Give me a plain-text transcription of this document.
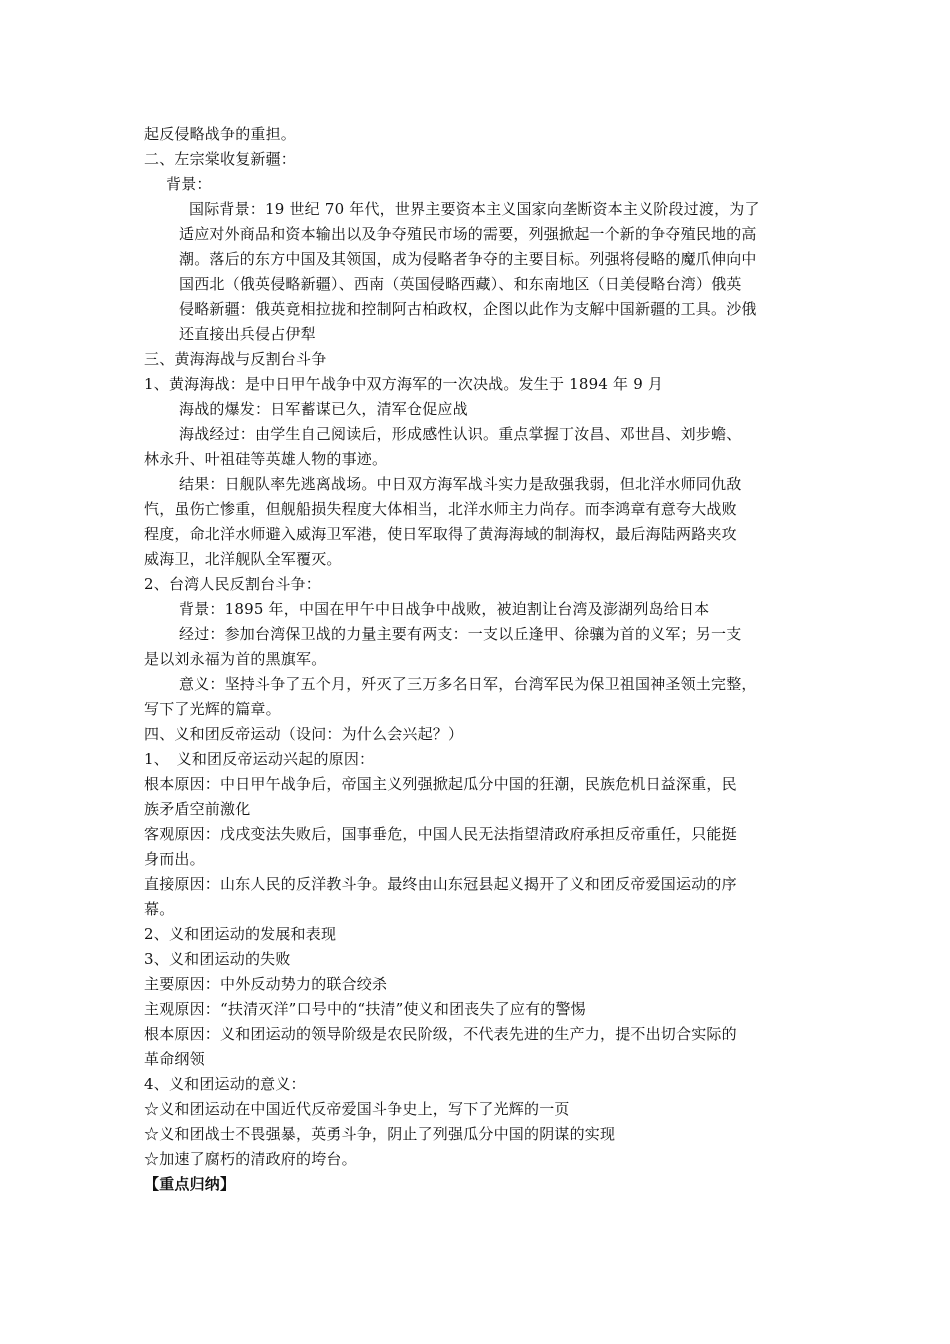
起反侵略战争的重担。
二、左宗棠收复新疆：
背景：
国际背景：19 世纪 70 年代，世界主要资本主义国家向垄断资本主义阶段过渡，为了
适应对外商品和资本输出以及争夺殖民市场的需要，列强掀起一个新的争夺殖民地的高
潮。落后的东方中国及其领国，成为侵略者争夺的主要目标。列强将侵略的魔爪伸向中
国西北（俄英侵略新疆）、西南（英国侵略西藏）、和东南地区（日美侵略台湾）俄英
侵略新疆：俄英竟相拉拢和控制阿古柏政权，企图以此作为支解中国新疆的工具。沙俄
还直接出兵侵占伊犁
三、黄海海战与反割台斗争
1、黄海海战：是中日甲午战争中双方海军的一次决战。发生于 1894 年 9 月
海战的爆发：日军蓄谋已久，清军仓促应战
海战经过：由学生自己阅读后，形成感性认识。重点掌握丁汝昌、邓世昌、刘步蟾、
林永升、叶祖硅等英雄人物的事迹。
结果：日舰队率先逃离战场。中日双方海军战斗实力是敌强我弱，但北洋水师同仇敌
忾，虽伤亡惨重，但舰船损失程度大体相当，北洋水师主力尚存。而李鸿章有意夸大战败
程度，命北洋水师避入威海卫军港，使日军取得了黄海海域的制海权，最后海陆两路夹攻
威海卫，北洋舰队全军覆灭。
2、台湾人民反割台斗争：
背景：1895 年，中国在甲午中日战争中战败，被迫割让台湾及澎湖列岛给日本
经过：参加台湾保卫战的力量主要有两支：一支以丘逢甲、徐骧为首的义军；另一支
是以刘永福为首的黑旗军。
意义：坚持斗争了五个月，歼灭了三万多名日军，台湾军民为保卫祖国神圣领土完整，
写下了光辉的篇章。
四、义和团反帝运动（设问：为什么会兴起？）
1、　义和团反帝运动兴起的原因：
根本原因：中日甲午战争后，帝国主义列强掀起瓜分中国的狂潮，民族危机日益深重，民
族矛盾空前激化
客观原因：戊戌变法失败后，国事垂危，中国人民无法指望清政府承担反帝重任，只能挺
身而出。
直接原因：山东人民的反洋教斗争。最终由山东冠县起义揭开了义和团反帝爱国运动的序
幕。
2、义和团运动的发展和表现
3、义和团运动的失败
主要原因：中外反动势力的联合绞杀
主观原因：“扶清灭洋”口号中的“扶清”使义和团丧失了应有的警惕
根本原因：义和团运动的领导阶级是农民阶级，不代表先进的生产力，提不出切合实际的
革命纲领
4、义和团运动的意义：
☆义和团运动在中国近代反帝爱国斗争史上，写下了光辉的一页
☆义和团战士不畏强暴，英勇斗争，阴止了列强瓜分中国的阴谋的实现
☆加速了腐朽的清政府的垮台。
【重点归纳】
